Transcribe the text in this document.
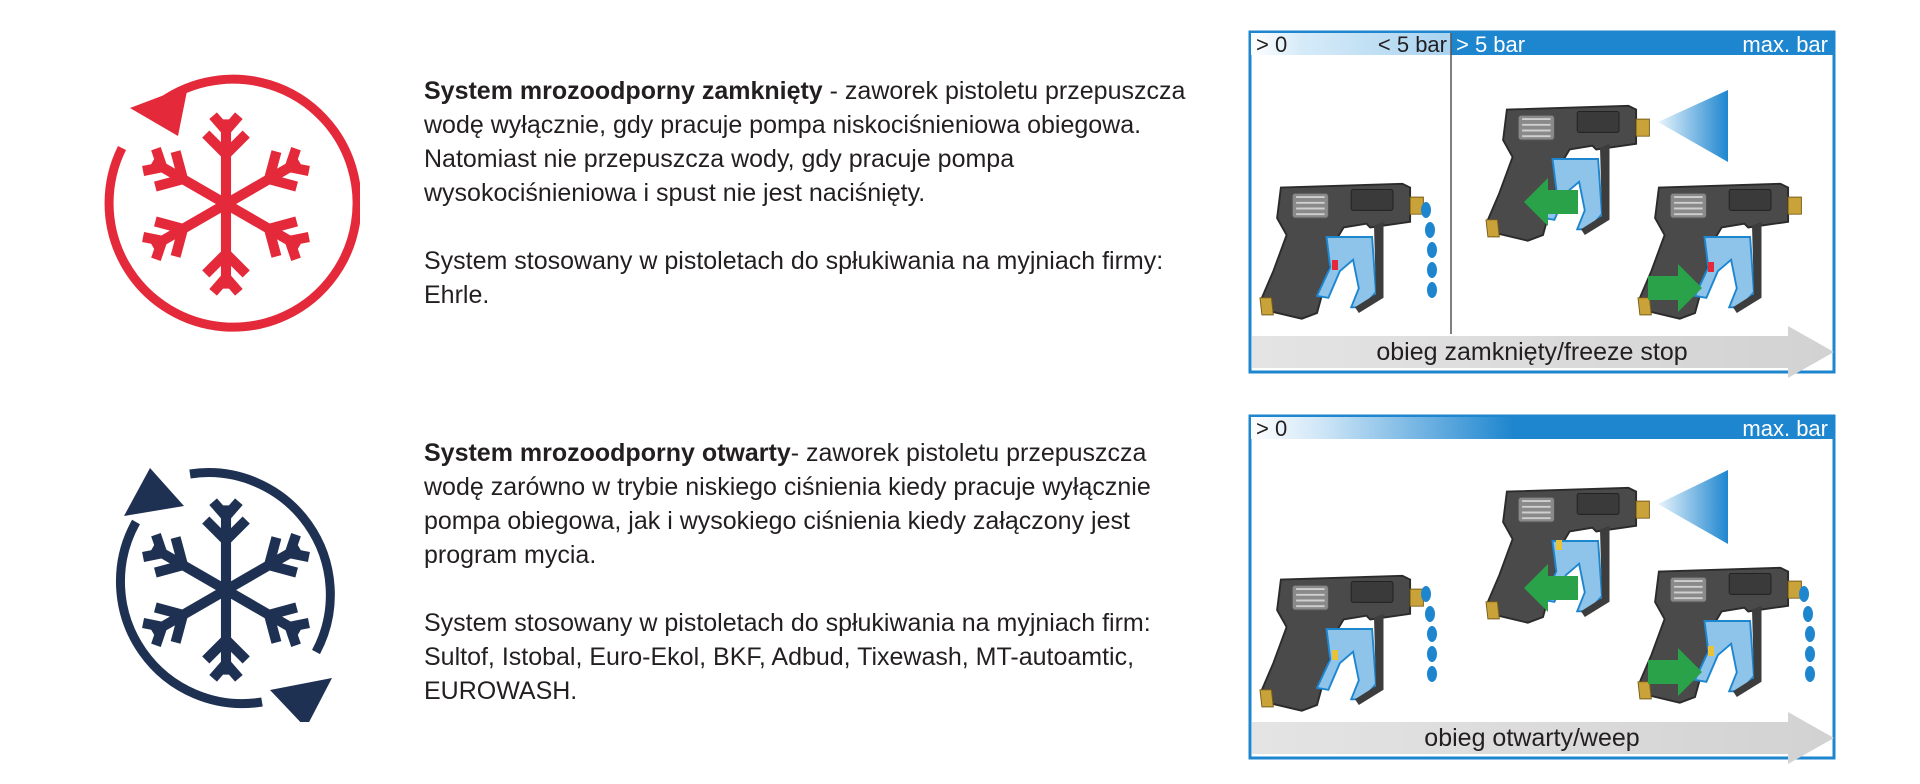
System mrozoodporny zamknięty - zaworek pistoletu przepuszcza
wodę wyłącznie, gdy pracuje pompa niskociśnieniowa obiegowa.
Natomiast nie przepuszcza wody, gdy pracuje pompa
wysokociśnieniowa i spust nie jest naciśnięty.

System stosowany w pistoletach do spłukiwania na myjniach firmy:
Ehrle.

> 0	< 5 bar > 5 bar	max. bar
obieg zamknięty/freeze stop

System mrozoodporny otwarty- zaworek pistoletu przepuszcza
wodę zarówno w trybie niskiego ciśnienia kiedy pracuje wyłącznie
pompa obiegowa, jak i wysokiego ciśnienia kiedy załączony jest
program mycia.

System stosowany w pistoletach do spłukiwania na myjniach firm:
Sultof, Istobal, Euro-Ekol, BKF, Adbud, Tixewash, MT-autoamtic,
EUROWASH.

> 0	max. bar
obieg otwarty/weep
